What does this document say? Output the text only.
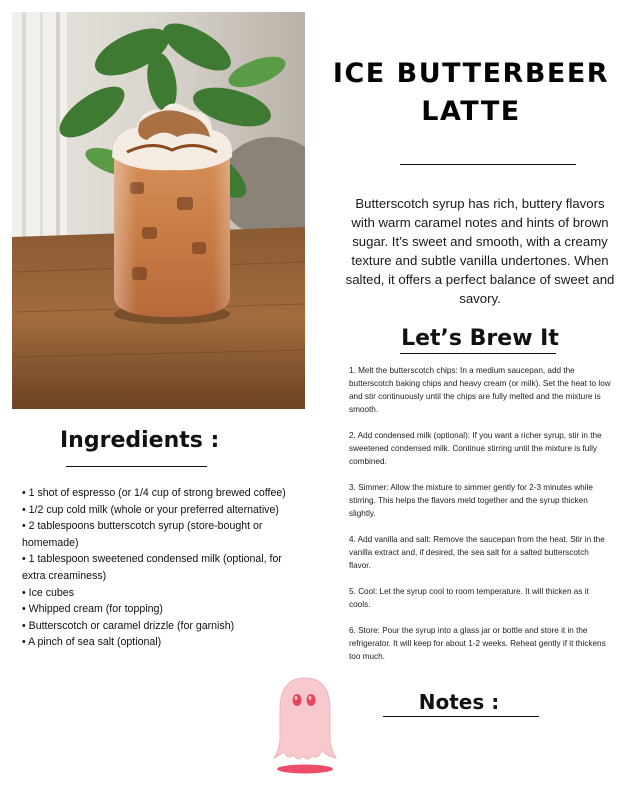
ICE BUTTERBEER LATTE

Butterscotch syrup has rich, buttery flavors with warm caramel notes and hints of brown sugar. It’s sweet and smooth, with a creamy texture and subtle vanilla undertones. When salted, it offers a perfect balance of sweet and savory.

Let’s Brew It
1. Melt the butterscotch chips: In a medium saucepan, add the butterscotch baking chips and heavy cream (or milk). Set the heat to low and stir continuously until the chips are fully melted and the mixture is smooth.
2. Add condensed milk (optional): If you want a richer syrup, stir in the sweetened condensed milk. Continue stirring until the mixture is fully combined.
3. Simmer: Allow the mixture to simmer gently for 2-3 minutes while stirring. This helps the flavors meld together and the syrup thicken slightly.
4. Add vanilla and salt: Remove the saucepan from the heat. Stir in the vanilla extract and, if desired, the sea salt for a salted butterscotch flavor.
5. Cool: Let the syrup cool to room temperature. It will thicken as it cools.
6. Store: Pour the syrup into a glass jar or bottle and store it in the refrigerator. It will keep for about 1-2 weeks. Reheat gently if it thickens too much.
Ingredients :
• 1 shot of espresso (or 1/4 cup of strong brewed coffee)
• 1/2 cup cold milk (whole or your preferred alternative)
• 2 tablespoons butterscotch syrup (store-bought or homemade)
• 1 tablespoon sweetened condensed milk (optional, for extra creaminess)
• Ice cubes
• Whipped cream (for topping)
• Butterscotch or caramel drizzle (for garnish)
• A pinch of sea salt (optional)
Notes :
